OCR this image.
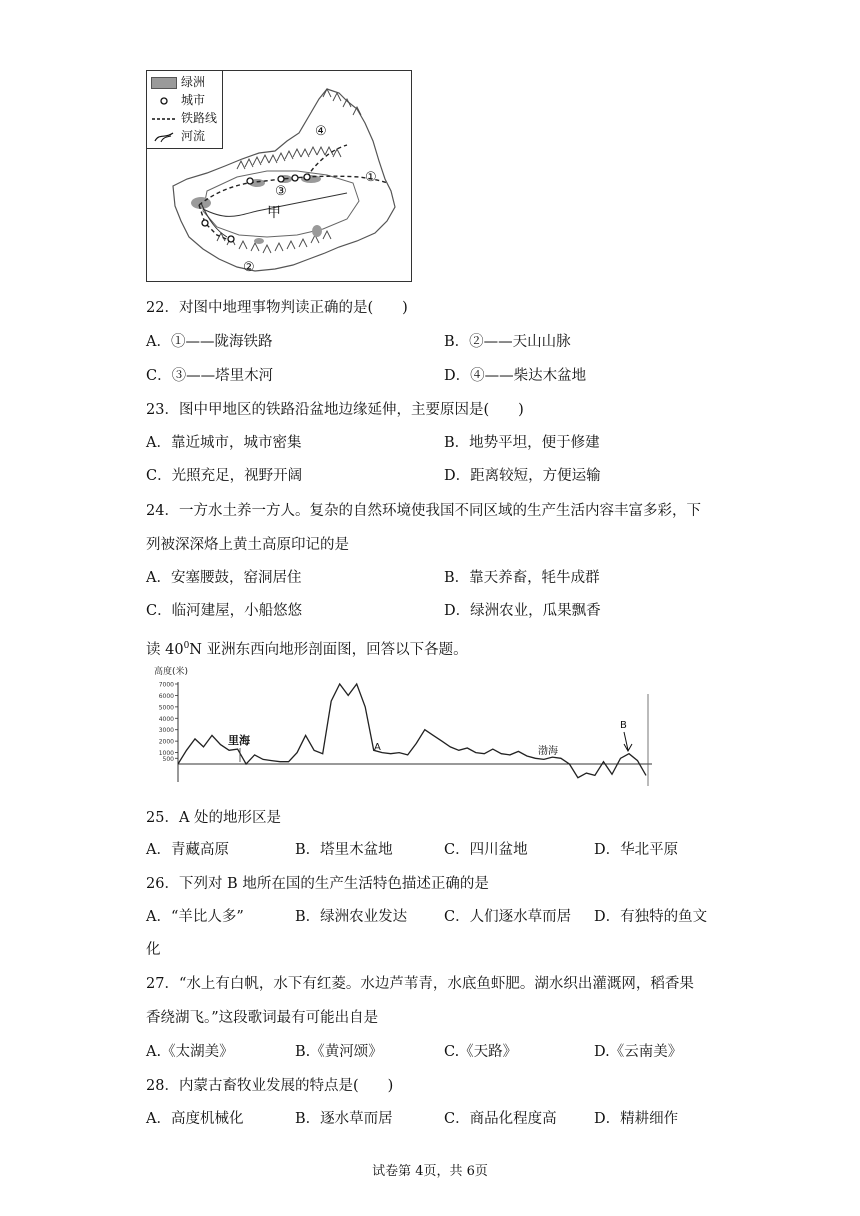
甲
①
②
③
④
绿洲
城市
铁路线
河流
22．对图中地理事物判读正确的是(　　)
A．①——陇海铁路	B．②——天山山脉
C．③——塔里木河	D．④——柴达木盆地
23．图中甲地区的铁路沿盆地边缘延伸，主要原因是(　　)
A．靠近城市，城市密集	B．地势平坦，便于修建
C．光照充足，视野开阔	D．距离较短，方便运输
24．一方水土养一方人。复杂的自然环境使我国不同区域的生产生活内容丰富多彩，下
列被深深烙上黄土高原印记的是
A．安塞腰鼓，窑洞居住	B．靠天养畜，牦牛成群
C．临河建屋，小船悠悠	D．绿洲农业，瓜果飘香
读 $40^0N$ 亚洲东西向地形剖面图，回答以下各题。
高度(米)
500
1000
2000
3000
4000
5000
6000
7000
里海
A	渤海
B
25．A 处的地形区是
A．青藏高原	B．塔里木盆地	C．四川盆地	D．华北平原
26．下列对 B 地所在国的生产生活特色描述正确的是
A．“羊比人多”	B．绿洲农业发达	C．人们逐水草而居 D．有独特的鱼文
化
27．“水上有白帆，水下有红菱。水边芦苇青，水底鱼虾肥。湖水织出灌溉网，稻香果
香绕湖飞。”这段歌词最有可能出自是
A.《太湖美》	B.《黄河颂》	C.《天路》	D.《云南美》
28．内蒙古畜牧业发展的特点是(　　)
A．高度机械化	B．逐水草而居	C．商品化程度高	D．精耕细作
试卷第 4页，共 6页
